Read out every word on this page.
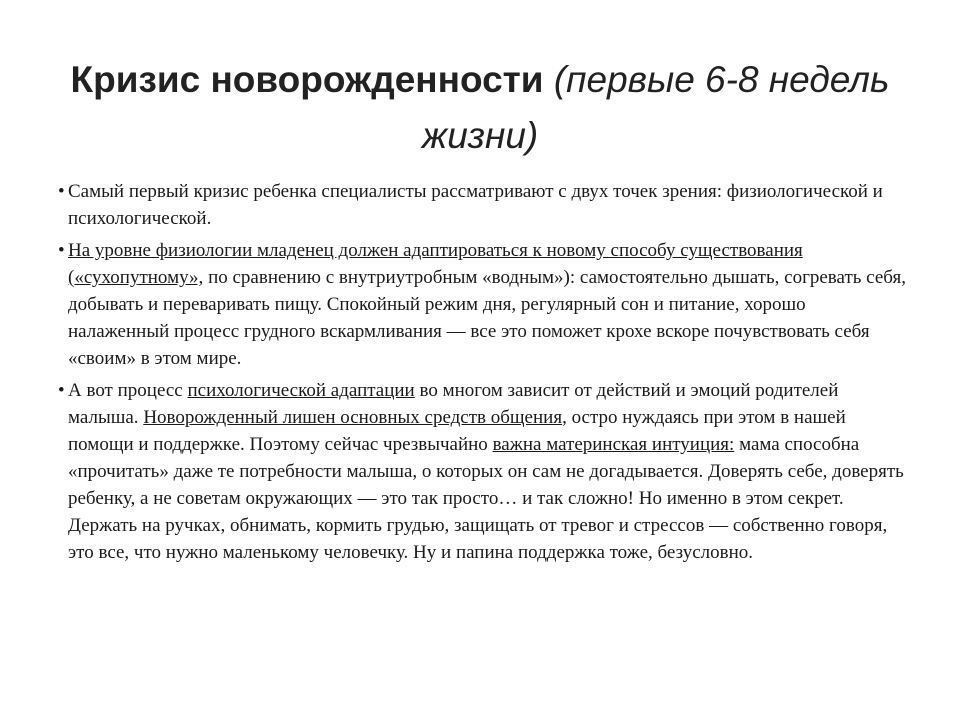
Кризис новорожденности (первые 6-8 недель жизни)
• Самый первый кризис ребенка специалисты рассматривают с двух точек зрения: физиологической и психологической.
• На уровне физиологии младенец должен адаптироваться к новому способу существования («сухопутному», по сравнению с внутриутробным «водным»): самостоятельно дышать, согревать себя, добывать и переваривать пищу. Спокойный режим дня, регулярный сон и питание, хорошо налаженный процесс грудного вскармливания — все это поможет крохе вскоре почувствовать себя «своим» в этом мире.
• А вот процесс психологической адаптации во многом зависит от действий и эмоций родителей малыша. Новорожденный лишен основных средств общения, остро нуждаясь при этом в нашей помощи и поддержке. Поэтому сейчас чрезвычайно важна материнская интуиция: мама способна «прочитать» даже те потребности малыша, о которых он сам не догадывается. Доверять себе, доверять ребенку, а не советам окружающих — это так просто… и так сложно! Но именно в этом секрет. Держать на ручках, обнимать, кормить грудью, защищать от тревог и стрессов — собственно говоря, это все, что нужно маленькому человечку. Ну и папина поддержка тоже, безусловно.
